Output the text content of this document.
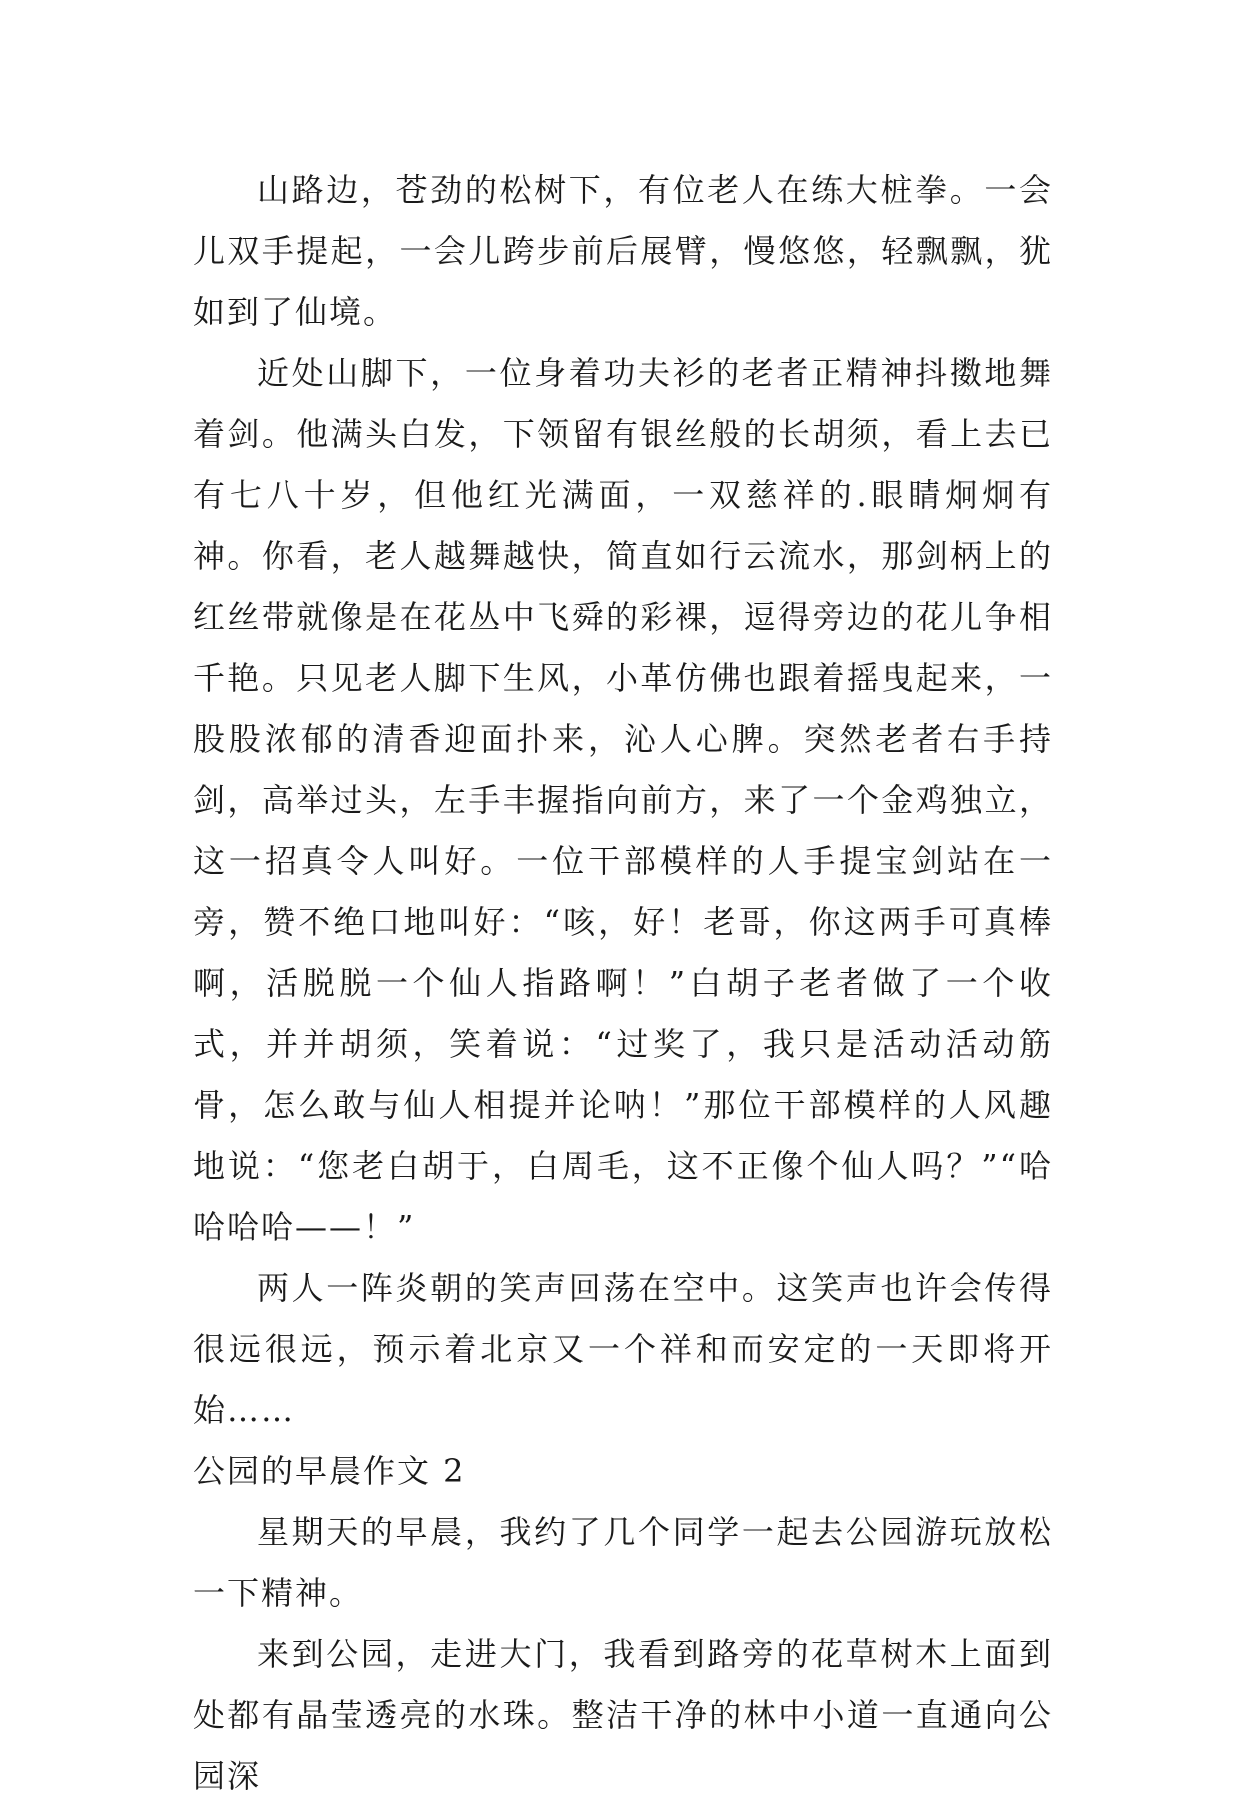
山路边，苍劲的松树下，有位老人在练大桩拳。一会儿双手提起，一会儿跨步前后展臂，慢悠悠，轻飘飘，犹如到了仙境。

近处山脚下，一位身着功夫衫的老者正精神抖擞地舞着剑。他满头白发，下领留有银丝般的长胡须，看上去已有七八十岁，但他红光满面，一双慈祥的.眼睛炯炯有神。你看，老人越舞越快，简直如行云流水，那剑柄上的红丝带就像是在花丛中飞舜的彩裸，逗得旁边的花儿争相千艳。只见老人脚下生风，小革仿佛也跟着摇曳起来，一股股浓郁的清香迎面扑来，沁人心脾。突然老者右手持剑，高举过头，左手丰握指向前方，来了一个金鸡独立，这一招真令人叫好。一位干部模样的人手提宝剑站在一旁，赞不绝口地叫好：“咳，好！老哥，你这两手可真棒啊，活脱脱一个仙人指路啊！”白胡子老者做了一个收式，并并胡须，笑着说：“过奖了，我只是活动活动筋骨，怎么敢与仙人相提并论呐！”那位干部模样的人风趣地说：“您老白胡于，白周毛，这不正像个仙人吗？”“哈哈哈哈——！”

两人一阵炎朝的笑声回荡在空中。这笑声也许会传得很远很远，预示着北京又一个祥和而安定的一天即将开始……

公园的早晨作文 2

星期天的早晨，我约了几个同学一起去公园游玩放松一下精神。

来到公园，走进大门，我看到路旁的花草树木上面到处都有晶莹透亮的水珠。整洁干净的林中小道一直通向公园深
